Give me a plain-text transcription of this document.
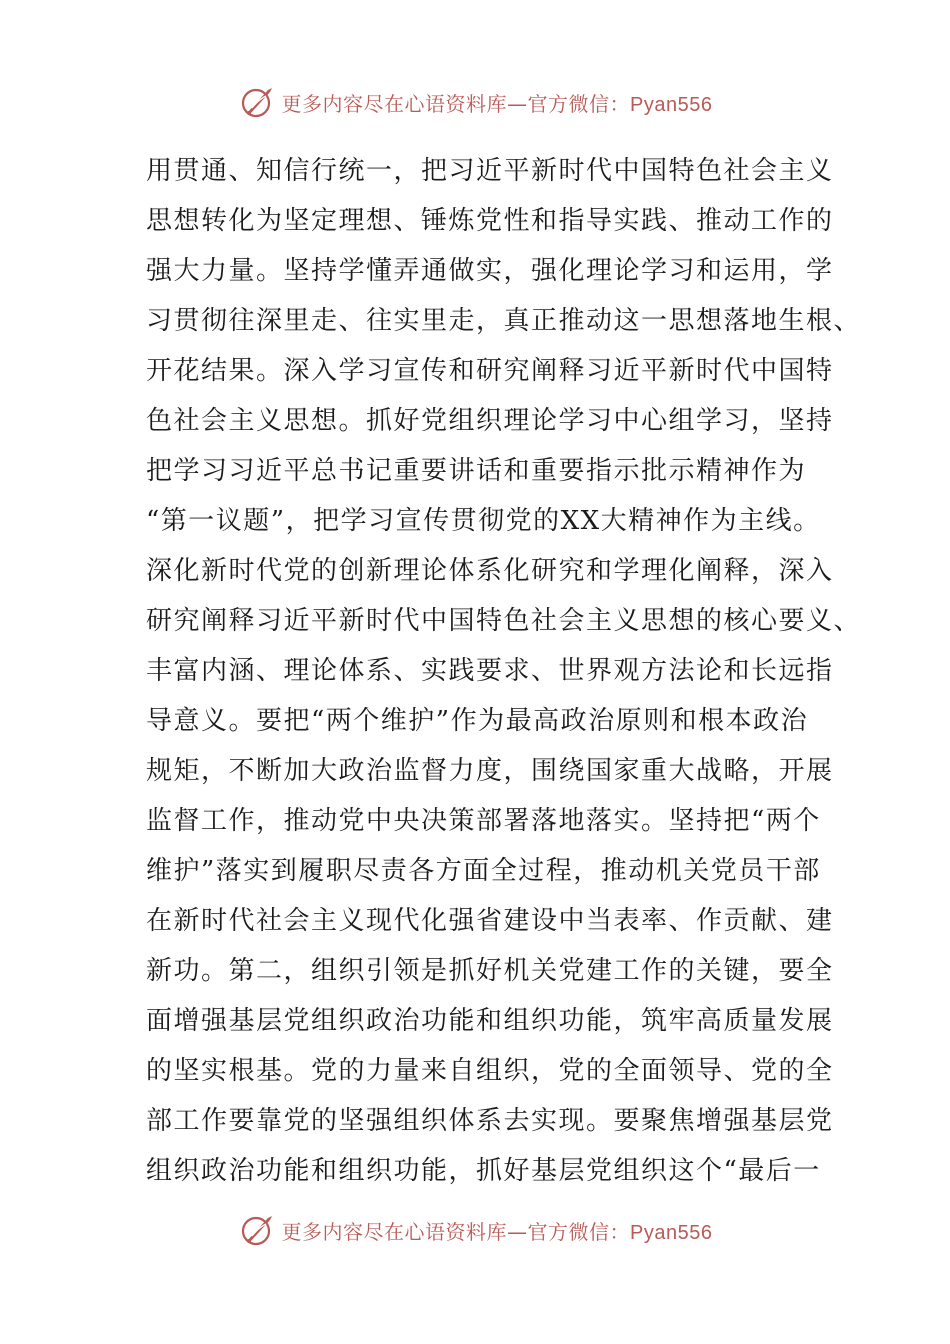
更多内容尽在心语资料库—官方微信：Pyan556
用贯通、知信行统一，把习近平新时代中国特色社会主义
思想转化为坚定理想、锤炼党性和指导实践、推动工作的
强大力量。坚持学懂弄通做实，强化理论学习和运用，学
习贯彻往深里走、往实里走，真正推动这一思想落地生根、
开花结果。深入学习宣传和研究阐释习近平新时代中国特
色社会主义思想。抓好党组织理论学习中心组学习，坚持
把学习习近平总书记重要讲话和重要指示批示精神作为
“第一议题”，把学习宣传贯彻党的XX大精神作为主线。
深化新时代党的创新理论体系化研究和学理化阐释，深入
研究阐释习近平新时代中国特色社会主义思想的核心要义、
丰富内涵、理论体系、实践要求、世界观方法论和长远指
导意义。要把“两个维护”作为最高政治原则和根本政治
规矩，不断加大政治监督力度，围绕国家重大战略，开展
监督工作，推动党中央决策部署落地落实。坚持把“两个
维护”落实到履职尽责各方面全过程，推动机关党员干部
在新时代社会主义现代化强省建设中当表率、作贡献、建
新功。第二，组织引领是抓好机关党建工作的关键，要全
面增强基层党组织政治功能和组织功能，筑牢高质量发展
的坚实根基。党的力量来自组织，党的全面领导、党的全
部工作要靠党的坚强组织体系去实现。要聚焦增强基层党
组织政治功能和组织功能，抓好基层党组织这个“最后一
更多内容尽在心语资料库—官方微信：Pyan556
